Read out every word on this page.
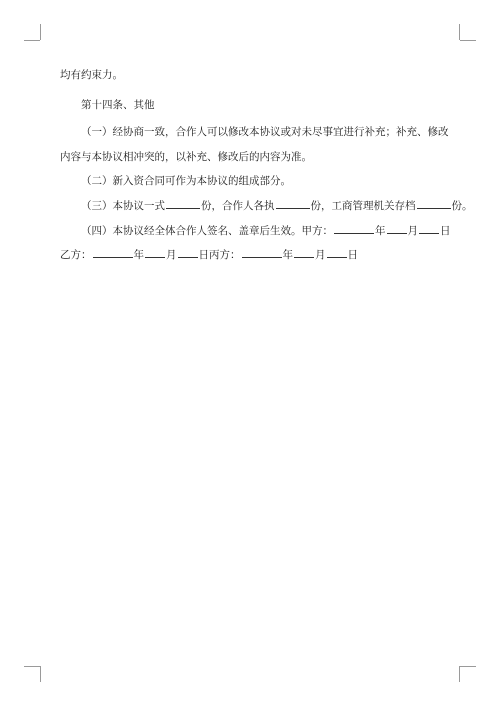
均有约束力。
第十四条、其他
（一）经协商一致，合作人可以修改本协议或对未尽事宜进行补充；补充、修改
内容与本协议相冲突的，以补充、修改后的内容为准。
（二）新入资合同可作为本协议的组成部分。
（三）本协议一式	份，合作人各执	份，工商管理机关存档	份。
（四）本协议经全体合作人签名、盖章后生效。甲方：	年 月 日
乙方：	年 月 日丙方：	年 月 日
